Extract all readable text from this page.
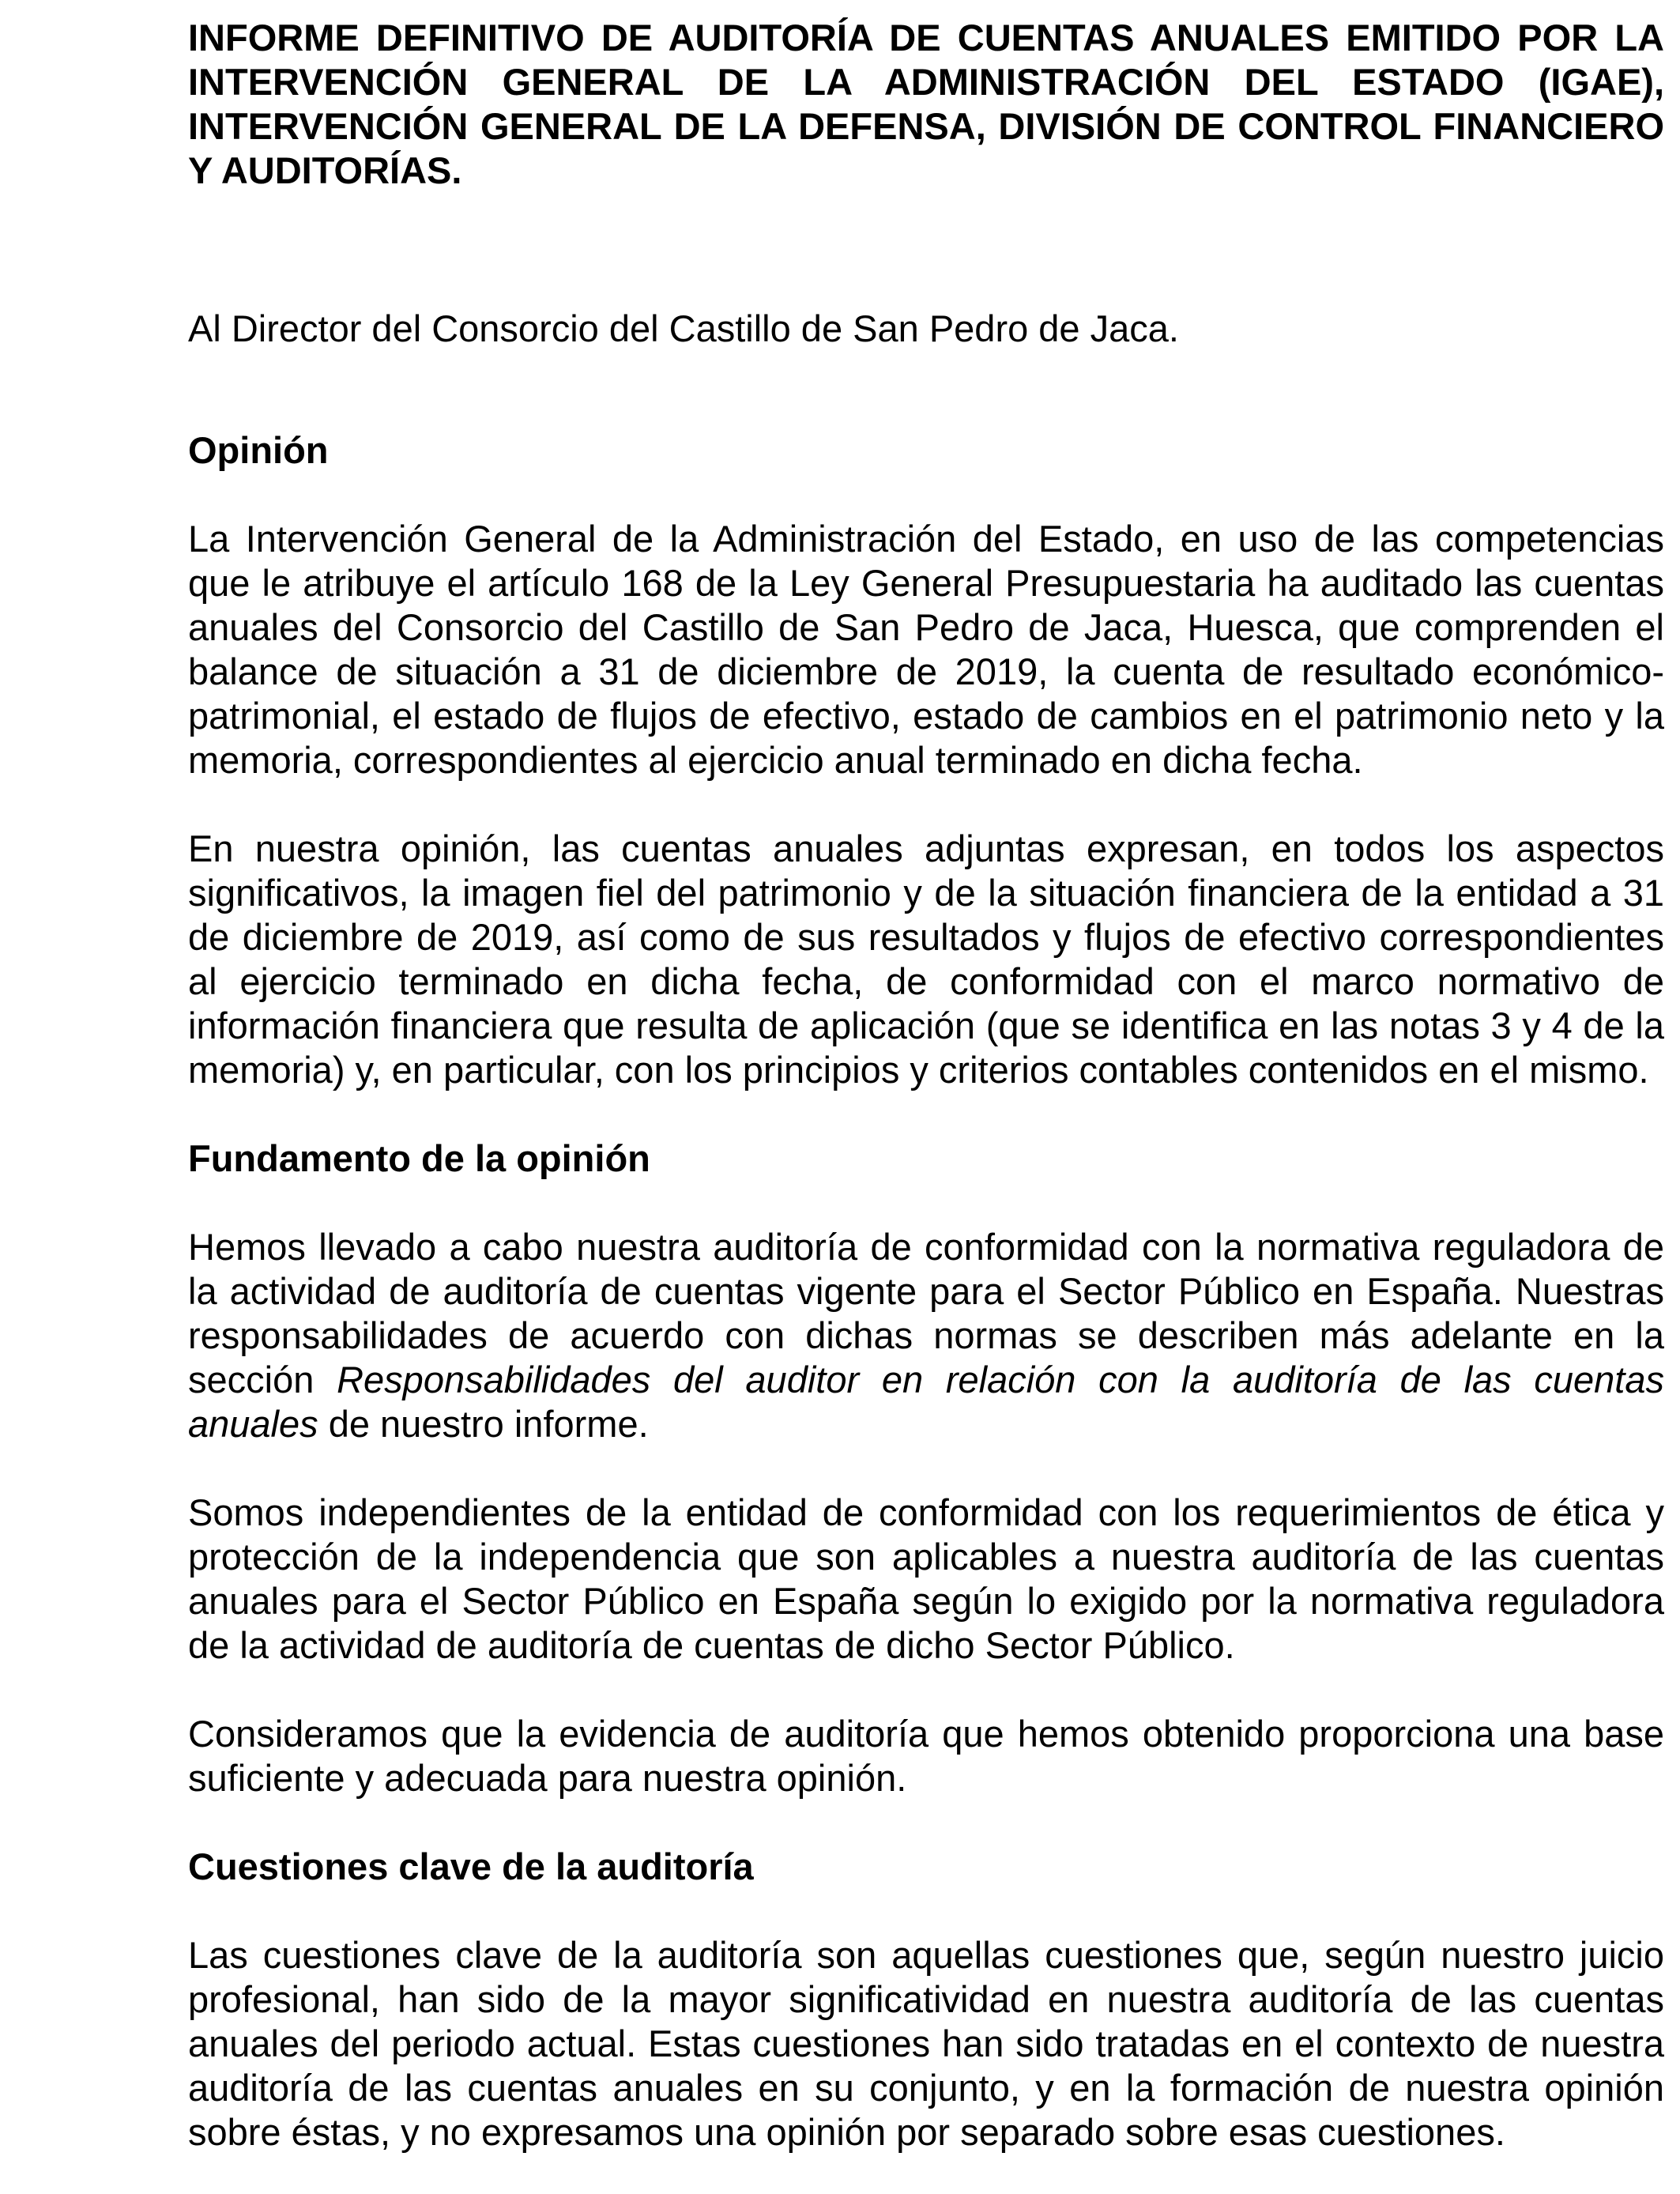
INFORME DEFINITIVO DE AUDITORÍA DE CUENTAS ANUALES EMITIDO POR LA INTERVENCIÓN GENERAL DE LA ADMINISTRACIÓN DEL ESTADO (IGAE), INTERVENCIÓN GENERAL DE LA DEFENSA, DIVISIÓN DE CONTROL FINANCIERO Y AUDITORÍAS.

Al Director del Consorcio del Castillo de San Pedro de Jaca.

Opinión

La Intervención General de la Administración del Estado, en uso de las competencias que le atribuye el artículo 168 de la Ley General Presupuestaria ha auditado las cuentas anuales del Consorcio del Castillo de San Pedro de Jaca, Huesca, que comprenden el balance de situación a 31 de diciembre de 2019, la cuenta de resultado económico-patrimonial, el estado de flujos de efectivo, estado de cambios en el patrimonio neto y la memoria, correspondientes al ejercicio anual terminado en dicha fecha.

En nuestra opinión, las cuentas anuales adjuntas expresan, en todos los aspectos significativos, la imagen fiel del patrimonio y de la situación financiera de la entidad a 31 de diciembre de 2019, así como de sus resultados y flujos de efectivo correspondientes al ejercicio terminado en dicha fecha, de conformidad con el marco normativo de información financiera que resulta de aplicación (que se identifica en las notas 3 y 4 de la memoria) y, en particular, con los principios y criterios contables contenidos en el mismo.

Fundamento de la opinión

Hemos llevado a cabo nuestra auditoría de conformidad con la normativa reguladora de la actividad de auditoría de cuentas vigente para el Sector Público en España. Nuestras responsabilidades de acuerdo con dichas normas se describen más adelante en la sección Responsabilidades del auditor en relación con la auditoría de las cuentas anuales de nuestro informe.

Somos independientes de la entidad de conformidad con los requerimientos de ética y protección de la independencia que son aplicables a nuestra auditoría de las cuentas anuales para el Sector Público en España según lo exigido por la normativa reguladora de la actividad de auditoría de cuentas de dicho Sector Público.

Consideramos que la evidencia de auditoría que hemos obtenido proporciona una base suficiente y adecuada para nuestra opinión.

Cuestiones clave de la auditoría

Las cuestiones clave de la auditoría son aquellas cuestiones que, según nuestro juicio profesional, han sido de la mayor significatividad en nuestra auditoría de las cuentas anuales del periodo actual. Estas cuestiones han sido tratadas en el contexto de nuestra auditoría de las cuentas anuales en su conjunto, y en la formación de nuestra opinión sobre éstas, y no expresamos una opinión por separado sobre esas cuestiones.
